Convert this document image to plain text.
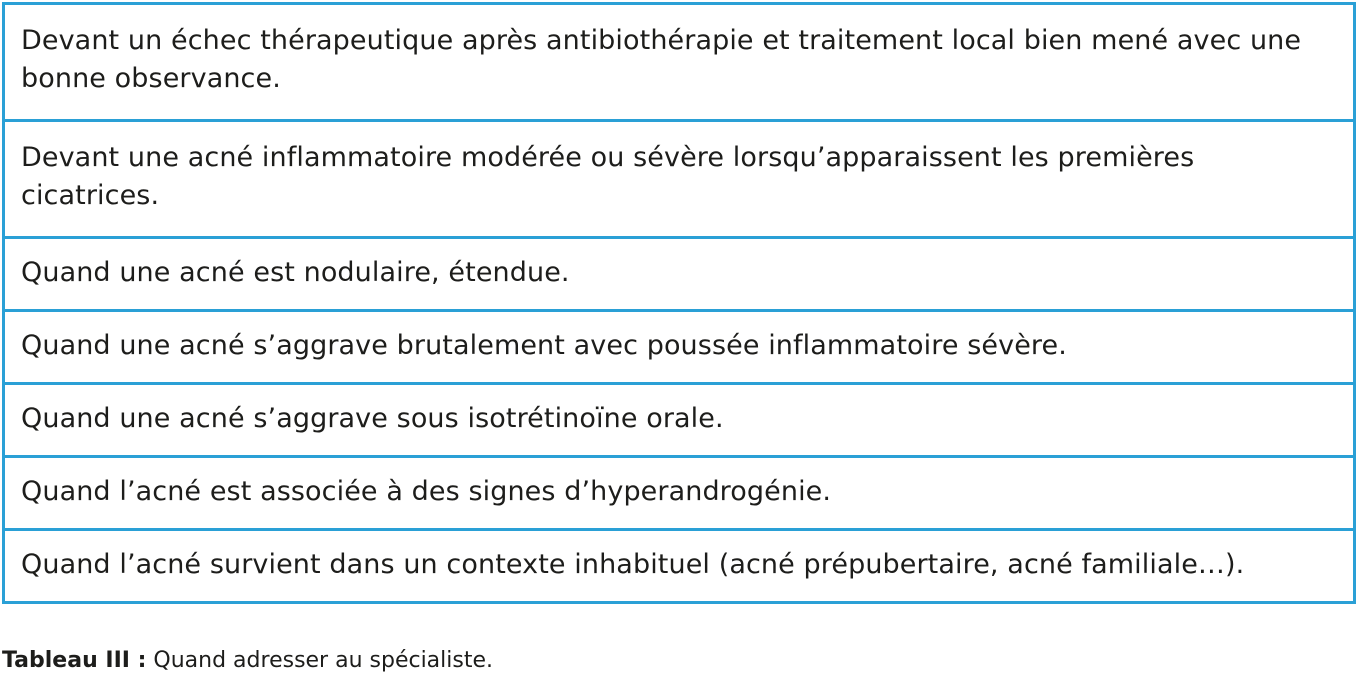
Devant un échec thérapeutique après antibiothérapie et traitement local bien mené avec une bonne observance.
Devant une acné inflammatoire modérée ou sévère lorsqu’apparaissent les premières cicatrices.
Quand une acné est nodulaire, étendue.
Quand une acné s’aggrave brutalement avec poussée inflammatoire sévère.
Quand une acné s’aggrave sous isotrétinoïne orale.
Quand l’acné est associée à des signes d’hyperandrogénie.
Quand l’acné survient dans un contexte inhabituel (acné prépubertaire, acné familiale…).
Tableau III : Quand adresser au spécialiste.
